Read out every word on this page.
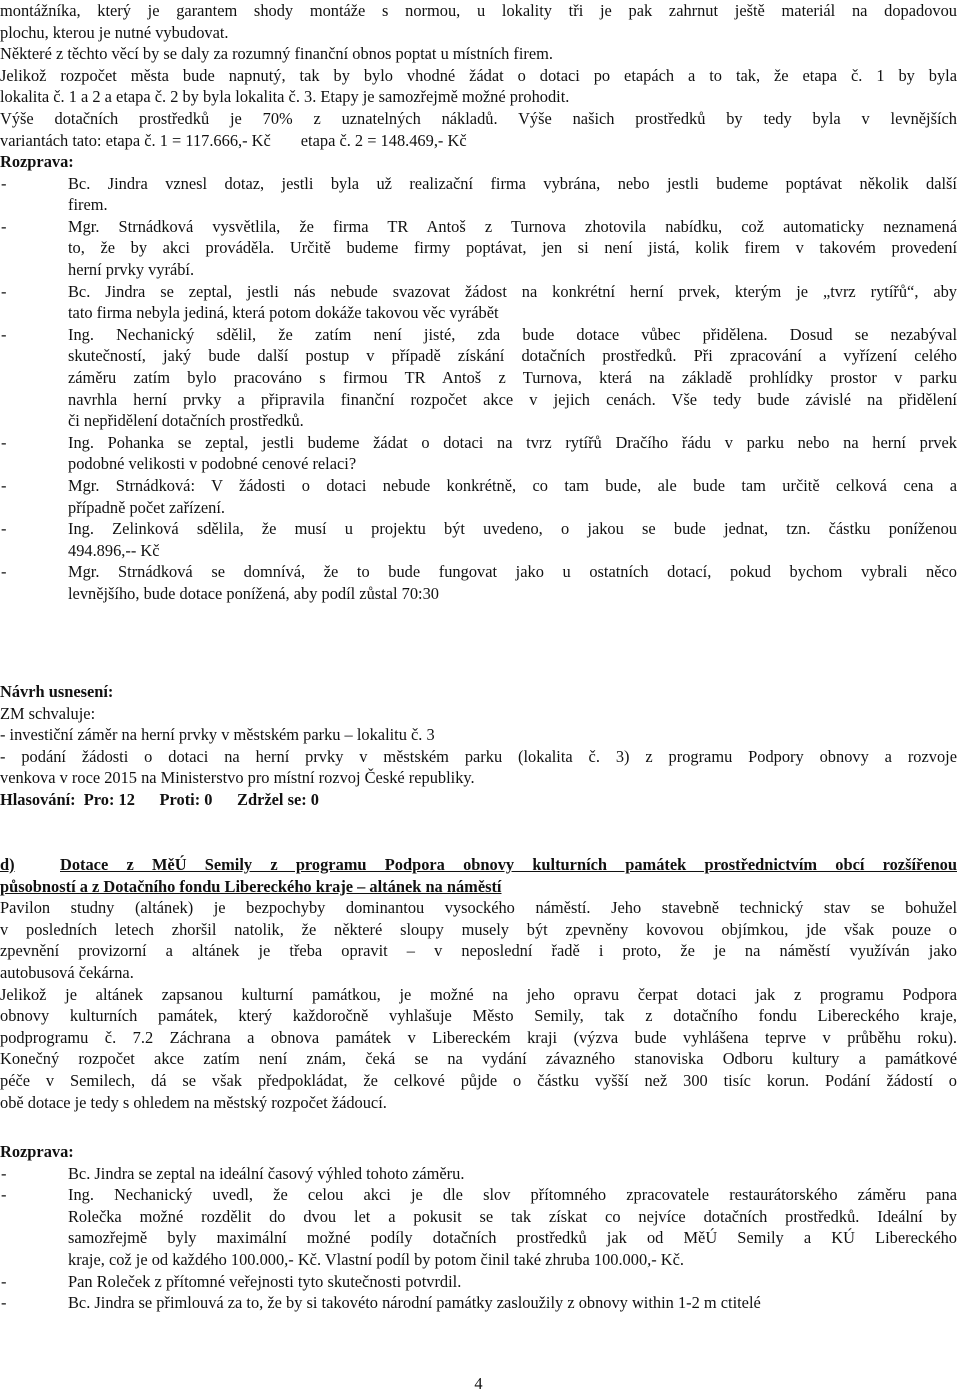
montážníka, který je garantem shody montáže s normou, u lokality tři je pak zahrnut ještě materiál na dopadovou
plochu, kterou je nutné vybudovat.
Některé z těchto věcí by se daly za rozumný finanční obnos poptat u místních firem.
Jelikož rozpočet města bude napnutý, tak by bylo vhodné žádat o dotaci po etapách a to tak, že etapa č. 1 by byla
lokalita č. 1 a 2 a etapa č. 2 by byla lokalita č. 3. Etapy je samozřejmě možné prohodit.
Výše dotačních prostředků je 70% z uznatelných nákladů. Výše našich prostředků by tedy byla v levnějších
variantách tato: etapa č. 1 = 117.666,- Kč etapa č. 2 = 148.469,- Kč
Rozprava:
-	Bc. Jindra vznesl dotaz, jestli byla už realizační firma vybrána, nebo jestli budeme poptávat několik další
firem.
-	Mgr. Strnádková vysvětlila, že firma TR Antoš z Turnova zhotovila nabídku, což automaticky neznamená
to, že by akci prováděla. Určitě budeme firmy poptávat, jen si není jistá, kolik firem v takovém provedení
herní prvky vyrábí.
-	Bc. Jindra se zeptal, jestli nás nebude svazovat žádost na konkrétní herní prvek, kterým je „tvrz rytířů“, aby
tato firma nebyla jediná, která potom dokáže takovou věc vyrábět
-	Ing. Nechanický sdělil, že zatím není jisté, zda bude dotace vůbec přidělena. Dosud se nezabýval
skutečností, jaký bude další postup v případě získání dotačních prostředků. Při zpracování a vyřízení celého
záměru zatím bylo pracováno s firmou TR Antoš z Turnova, která na základě prohlídky prostor v parku
navrhla herní prvky a připravila finanční rozpočet akce v jejich cenách. Vše tedy bude závislé na přidělení
či nepřidělení dotačních prostředků.
-	Ing. Pohanka se zeptal, jestli budeme žádat o dotaci na tvrz rytířů Dračího řádu v parku nebo na herní prvek
podobné velikosti v podobné cenové relaci?
-	Mgr. Strnádková: V žádosti o dotaci nebude konkrétně, co tam bude, ale bude tam určitě celková cena a
případně počet zařízení.
-	Ing. Zelinková sdělila, že musí u projektu být uvedeno, o jakou se bude jednat, tzn. částku poníženou
494.896,-- Kč
-	Mgr. Strnádková se domnívá, že to bude fungovat jako u ostatních dotací, pokud bychom vybrali něco
levnějšího, bude dotace ponížená, aby podíl zůstal 70:30
Návrh usnesení:
ZM schvaluje:
- investiční záměr na herní prvky v městském parku – lokalitu č. 3
- podání žádosti o dotaci na herní prvky v městském parku (lokalita č. 3) z programu Podpory obnovy a rozvoje
venkova v roce 2015 na Ministerstvo pro místní rozvoj České republiky.
Hlasování:  Pro: 12      Proti: 0      Zdržel se: 0
d)	Dotace z MěÚ Semily z programu Podpora obnovy kulturních památek prostřednictvím obcí rozšířenou
působností a z Dotačního fondu Libereckého kraje – altánek na náměstí
Pavilon studny (altánek) je bezpochyby dominantou vysockého náměstí. Jeho stavebně technický stav se bohužel
v posledních letech zhoršil natolik, že některé sloupy musely být zpevněny kovovou objímkou, jde však pouze o
zpevnění provizorní a altánek je třeba opravit – v neposlední řadě i proto, že je na náměstí využíván jako
autobusová čekárna.
Jelikož je altánek zapsanou kulturní památkou, je možné na jeho opravu čerpat dotaci jak z programu Podpora
obnovy kulturních památek, který každoročně vyhlašuje Město Semily, tak z dotačního fondu Libereckého kraje,
podprogramu č. 7.2 Záchrana a obnova památek v Libereckém kraji (výzva bude vyhlášena teprve v průběhu roku).
Konečný rozpočet akce zatím není znám, čeká se na vydání závazného stanoviska Odboru kultury a památkové
péče v Semilech, dá se však předpokládat, že celkové půjde o částku vyšší než 300 tisíc korun. Podání žádostí o
obě dotace je tedy s ohledem na městský rozpočet žádoucí.
Rozprava:
-	Bc. Jindra se zeptal na ideální časový výhled tohoto záměru.
-	Ing. Nechanický uvedl, že celou akci je dle slov přítomného zpracovatele restaurátorského záměru pana
Rolečka možné rozdělit do dvou let a pokusit se tak získat co nejvíce dotačních prostředků. Ideální by
samozřejmě byly maximální možné podíly dotačních prostředků jak od MěÚ Semily a KÚ Libereckého
kraje, což je od každého 100.000,- Kč. Vlastní podíl by potom činil také zhruba 100.000,- Kč.
-	Pan Roleček z přítomné veřejnosti tyto skutečnosti potvrdil.
-	Bc. Jindra se přimlouvá za to, že by si takovéto národní památky zasloužily z obnovy within 1-2 m ctitelé
4
